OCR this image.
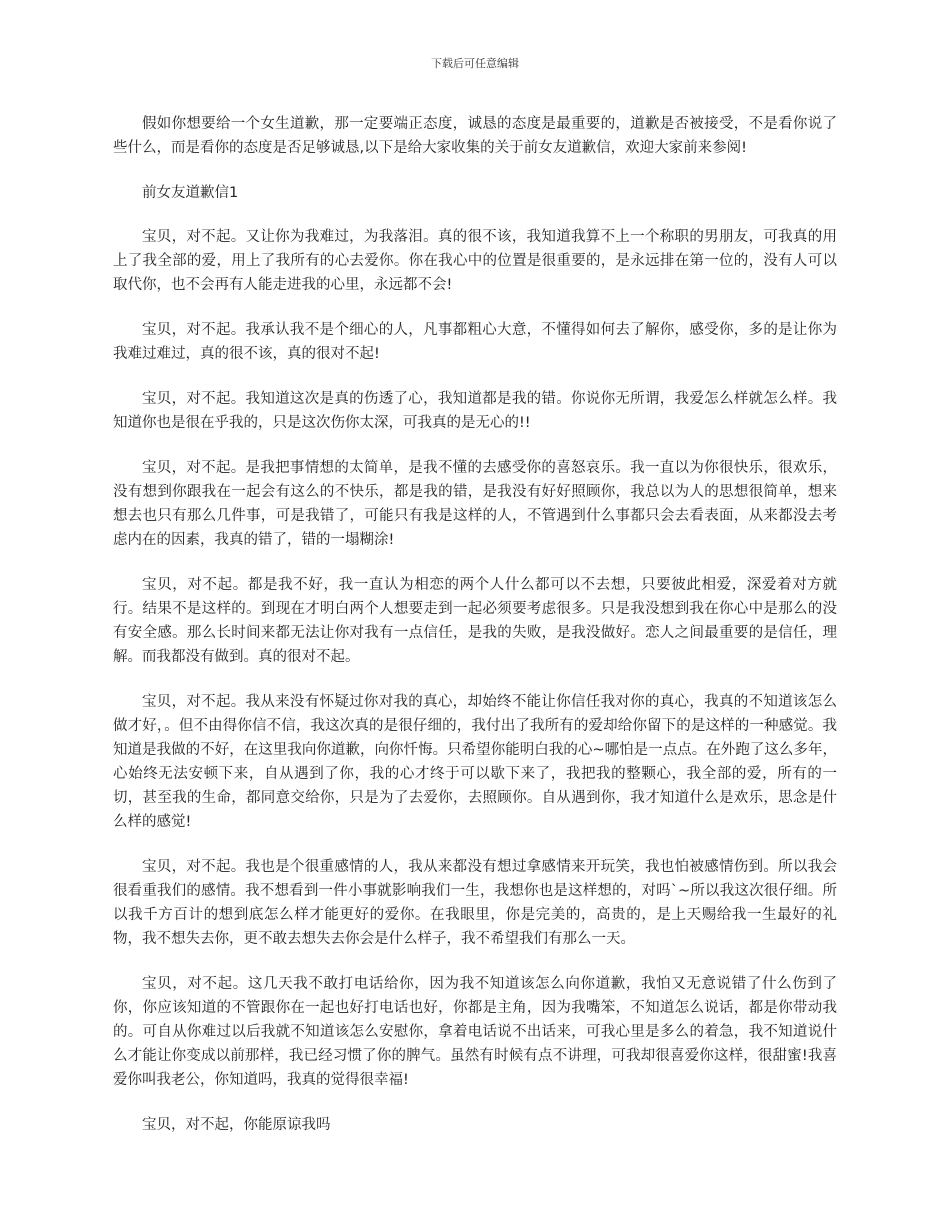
下载后可任意编辑

假如你想要给一个女生道歉，那一定要端正态度，诚恳的态度是最重要的，道歉是否被接受，不是看你说了些什么，而是看你的态度是否足够诚恳,以下是给大家收集的关于前女友道歉信，欢迎大家前来参阅!

前女友道歉信1

宝贝，对不起。又让你为我难过，为我落泪。真的很不该，我知道我算不上一个称职的男朋友，可我真的用上了我全部的爱，用上了我所有的心去爱你。你在我心中的位置是很重要的，是永远排在第一位的，没有人可以取代你，也不会再有人能走进我的心里，永远都不会!

宝贝，对不起。我承认我不是个细心的人，凡事都粗心大意，不懂得如何去了解你，感受你，多的是让你为我难过难过，真的很不该，真的很对不起!

宝贝，对不起。我知道这次是真的伤透了心，我知道都是我的错。你说你无所谓，我爱怎么样就怎么样。我知道你也是很在乎我的，只是这次伤你太深，可我真的是无心的!!

宝贝，对不起。是我把事情想的太简单，是我不懂的去感受你的喜怒哀乐。我一直以为你很快乐，很欢乐，没有想到你跟我在一起会有这么的不快乐，都是我的错，是我没有好好照顾你，我总以为人的思想很简单，想来想去也只有那么几件事，可是我错了，可能只有我是这样的人，不管遇到什么事都只会去看表面，从来都没去考虑内在的因素，我真的错了，错的一塌糊涂!

宝贝，对不起。都是我不好，我一直认为相恋的两个人什么都可以不去想，只要彼此相爱，深爱着对方就行。结果不是这样的。到现在才明白两个人想要走到一起必须要考虑很多。只是我没想到我在你心中是那么的没有安全感。那么长时间来都无法让你对我有一点信任，是我的失败，是我没做好。恋人之间最重要的是信任，理解。而我都没有做到。真的很对不起。

宝贝，对不起。我从来没有怀疑过你对我的真心，却始终不能让你信任我对你的真心，我真的不知道该怎么做才好，。但不由得你信不信，我这次真的是很仔细的，我付出了我所有的爱却给你留下的是这样的一种感觉。我知道是我做的不好，在这里我向你道歉，向你忏悔。只希望你能明白我的心~哪怕是一点点。在外跑了这么多年，心始终无法安顿下来，自从遇到了你，我的心才终于可以歇下来了，我把我的整颗心，我全部的爱，所有的一切，甚至我的生命，都同意交给你，只是为了去爱你，去照顾你。自从遇到你，我才知道什么是欢乐，思念是什么样的感觉!

宝贝，对不起。我也是个很重感情的人，我从来都没有想过拿感情来开玩笑，我也怕被感情伤到。所以我会很看重我们的感情。我不想看到一件小事就影响我们一生，我想你也是这样想的，对吗`~所以我这次很仔细。所以我千方百计的想到底怎么样才能更好的爱你。在我眼里，你是完美的，高贵的，是上天赐给我一生最好的礼物，我不想失去你，更不敢去想失去你会是什么样子，我不希望我们有那么一天。

宝贝，对不起。这几天我不敢打电话给你，因为我不知道该怎么向你道歉，我怕又无意说错了什么伤到了你，你应该知道的不管跟你在一起也好打电话也好，你都是主角，因为我嘴笨，不知道怎么说话，都是你带动我的。可自从你难过以后我就不知道该怎么安慰你，拿着电话说不出话来，可我心里是多么的着急，我不知道说什么才能让你变成以前那样，我已经习惯了你的脾气。虽然有时候有点不讲理，可我却很喜爱你这样，很甜蜜!我喜爱你叫我老公，你知道吗，我真的觉得很幸福!

宝贝，对不起，你能原谅我吗
